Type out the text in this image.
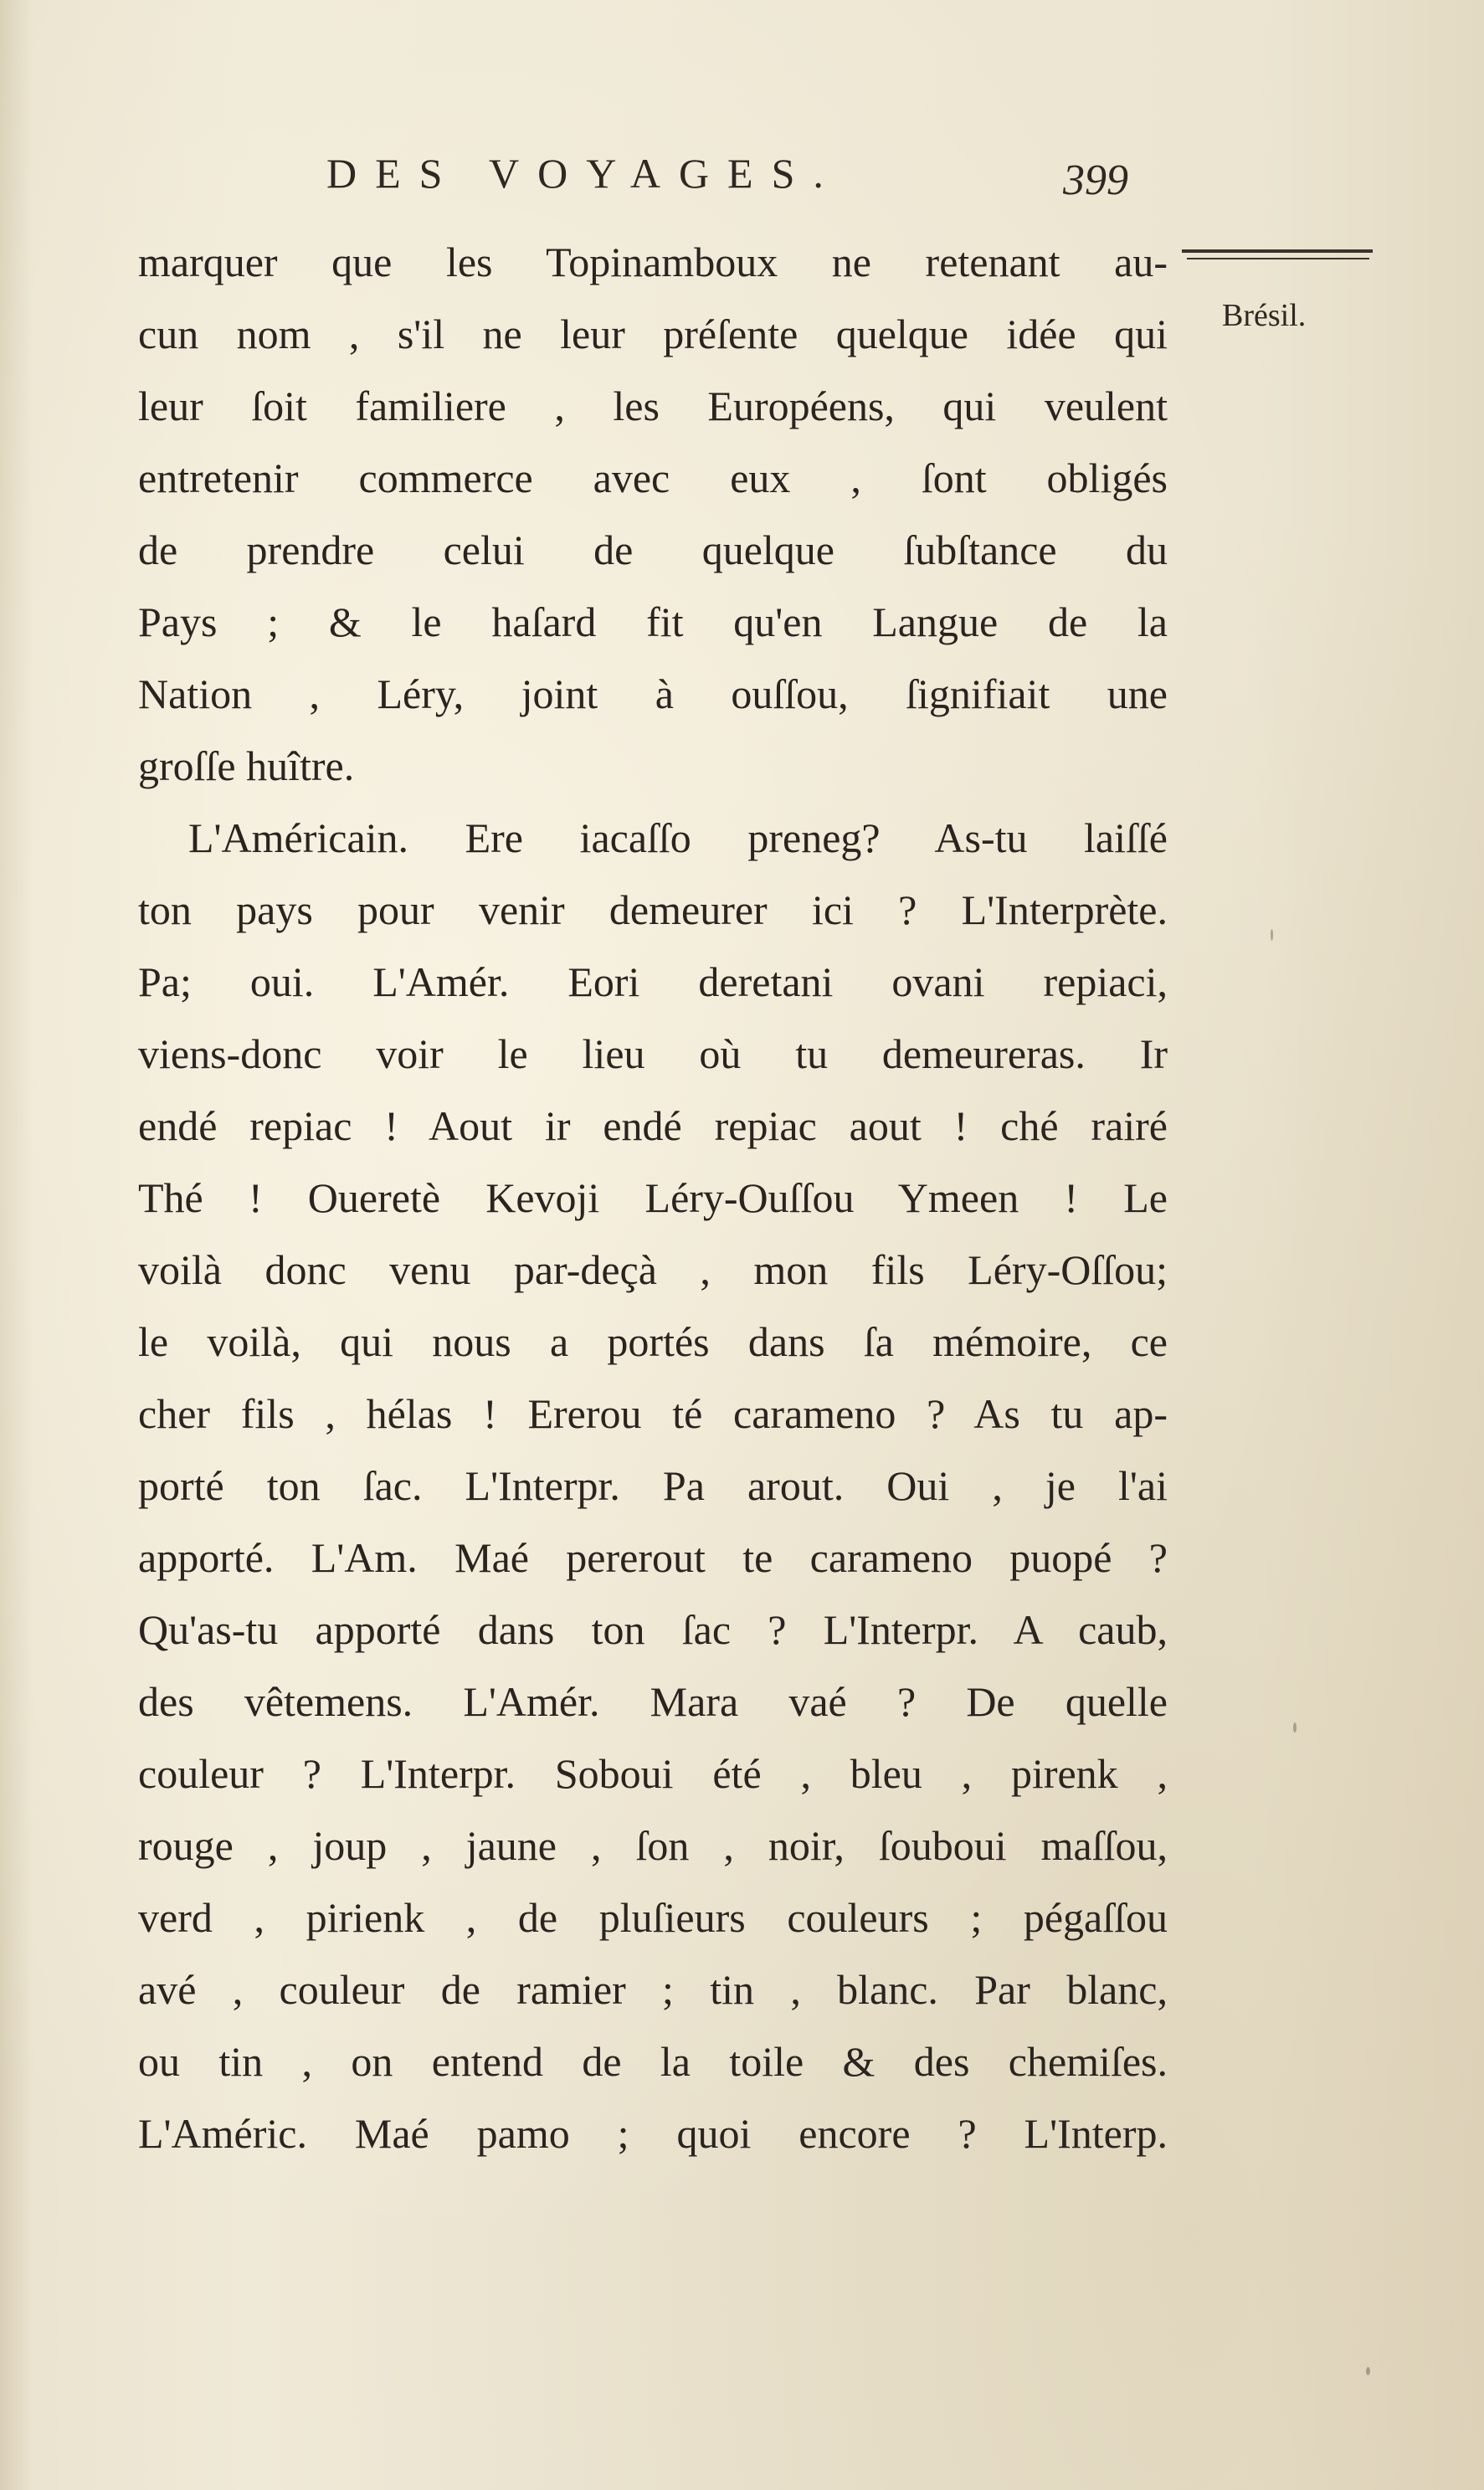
DES VOYAGES.	399
Brésil.
marquer que les Topinamboux ne retenant au-
cun nom , s'il ne leur préſente quelque idée qui
leur ſoit familiere , les Européens, qui veulent
entretenir commerce avec eux , ſont obligés
de prendre celui de quelque ſubſtance du
Pays ; & le haſard fit qu'en Langue de la
Nation , Léry, joint à ouſſou, ſignifiait une
groſſe huître.
L'Américain. Ere iacaſſo preneg? As-tu laiſſé
ton pays pour venir demeurer ici ? L'Interprète.
Pa; oui. L'Amér. Eori deretani ovani repiaci,
viens-donc voir le lieu où tu demeureras. Ir
endé repiac ! Aout ir endé repiac aout ! ché rairé
Thé ! Oueretè Kevoji Léry-Ouſſou Ymeen ! Le
voilà donc venu par-deçà , mon fils Léry-Oſſou;
le voilà, qui nous a portés dans ſa mémoire, ce
cher fils , hélas ! Ererou té carameno ? As tu ap-
porté ton ſac. L'Interpr. Pa arout. Oui , je l'ai
apporté. L'Am. Maé pererout te carameno puopé ?
Qu'as-tu apporté dans ton ſac ? L'Interpr. A caub,
des vêtemens. L'Amér. Mara vaé ? De quelle
couleur ? L'Interpr. Soboui été , bleu , pirenk ,
rouge , joup , jaune , ſon , noir, ſouboui maſſou,
verd , pirienk , de pluſieurs couleurs ; pégaſſou
avé , couleur de ramier ; tin , blanc. Par blanc,
ou tin , on entend de la toile & des chemiſes.
L'Améric. Maé pamo ; quoi encore ? L'Interp.
